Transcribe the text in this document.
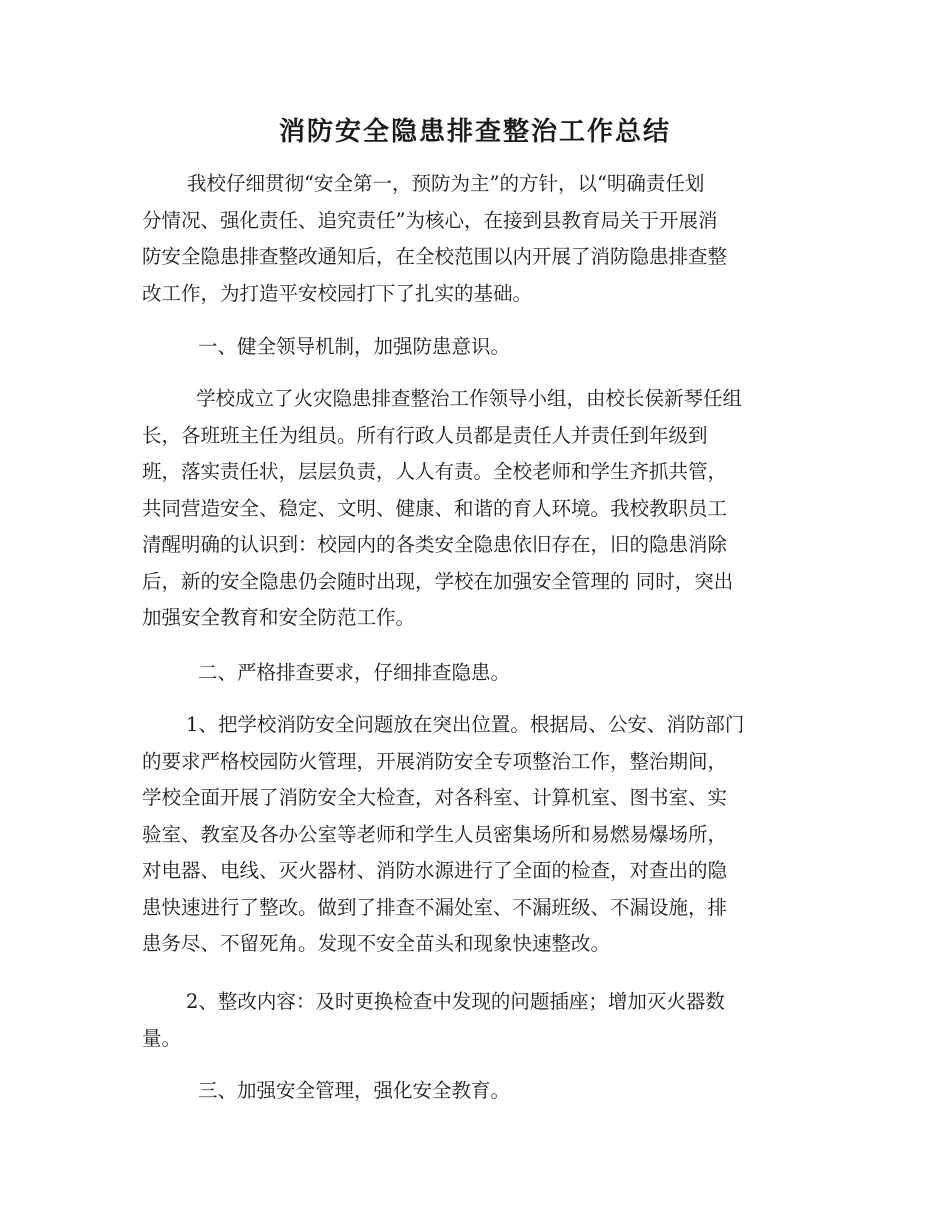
消防安全隐患排查整治工作总结
我校仔细贯彻“安全第一，预防为主”的方针，以“明确责任划
分情况、强化责任、追究责任”为核心，在接到县教育局关于开展消
防安全隐患排查整改通知后，在全校范围以内开展了消防隐患排查整
改工作，为打造平安校园打下了扎实的基础。
一、健全领导机制，加强防患意识。
学校成立了火灾隐患排查整治工作领导小组，由校长侯新琴任组
长，各班班主任为组员。所有行政人员都是责任人并责任到年级到
班，落实责任状，层层负责，人人有责。全校老师和学生齐抓共管，
共同营造安全、稳定、文明、健康、和谐的育人环境。我校教职员工
清醒明确的认识到：校园内的各类安全隐患依旧存在，旧的隐患消除
后，新的安全隐患仍会随时出现，学校在加强安全管理的 同时，突出
加强安全教育和安全防范工作。
二、严格排查要求，仔细排查隐患。
1、把学校消防安全问题放在突出位置。根据局、公安、消防部门
的要求严格校园防火管理，开展消防安全专项整治工作，整治期间，
学校全面开展了消防安全大检查，对各科室、计算机室、图书室、实
验室、教室及各办公室等老师和学生人员密集场所和易燃易爆场所，
对电器、电线、灭火器材、消防水源进行了全面的检查，对查出的隐
患快速进行了整改。做到了排查不漏处室、不漏班级、不漏设施，排
患务尽、不留死角。发现不安全苗头和现象快速整改。
2、整改内容：及时更换检查中发现的问题插座；增加灭火器数
量。
三、加强安全管理，强化安全教育。
